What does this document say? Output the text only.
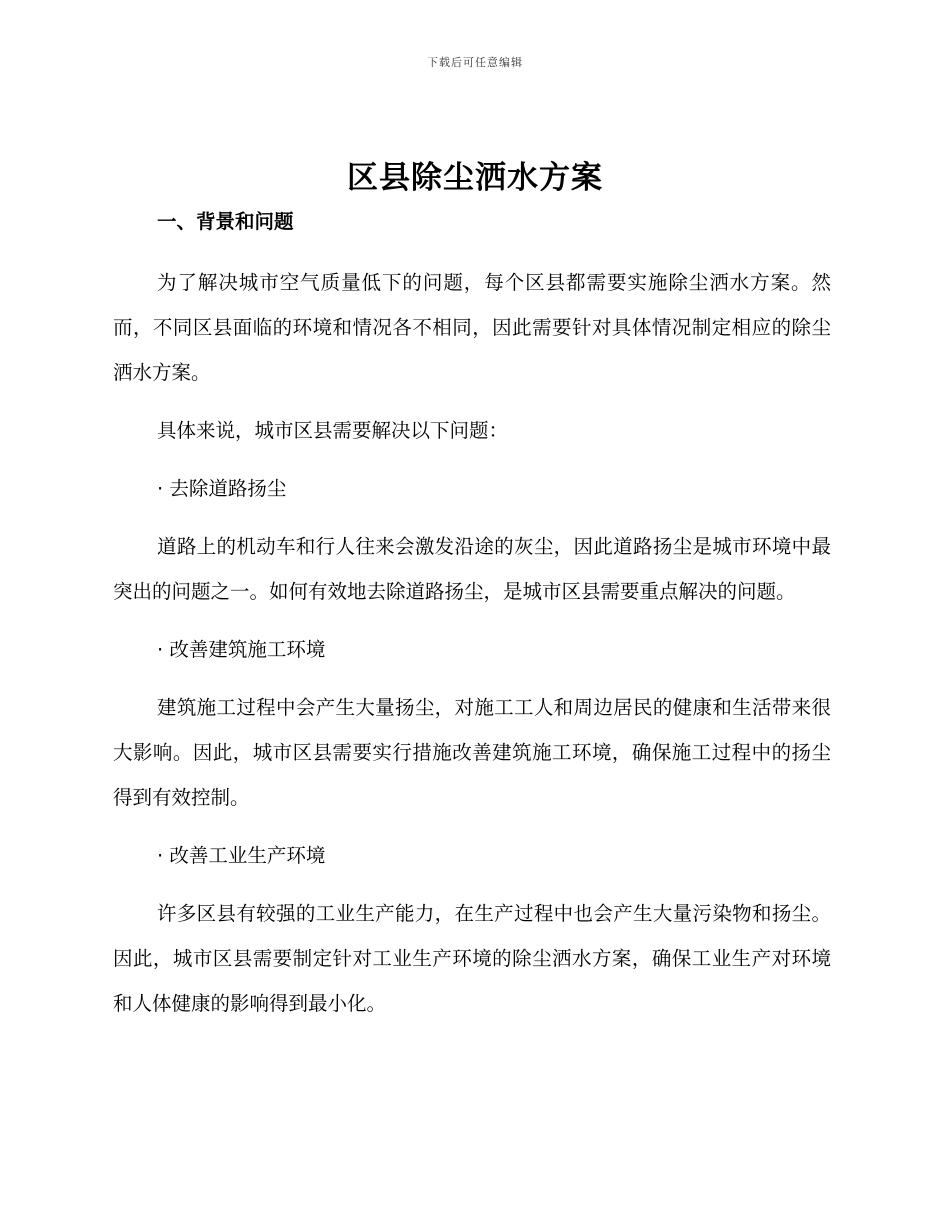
下载后可任意编辑
区县除尘洒水方案
一、背景和问题

为了解决城市空气质量低下的问题，每个区县都需要实施除尘洒水方案。然而，不同区县面临的环境和情况各不相同，因此需要针对具体情况制定相应的除尘洒水方案。

具体来说，城市区县需要解决以下问题：

· 去除道路扬尘

道路上的机动车和行人往来会激发沿途的灰尘，因此道路扬尘是城市环境中最突出的问题之一。如何有效地去除道路扬尘，是城市区县需要重点解决的问题。

· 改善建筑施工环境

建筑施工过程中会产生大量扬尘，对施工工人和周边居民的健康和生活带来很大影响。因此，城市区县需要实行措施改善建筑施工环境，确保施工过程中的扬尘得到有效控制。

· 改善工业生产环境

许多区县有较强的工业生产能力，在生产过程中也会产生大量污染物和扬尘。因此，城市区县需要制定针对工业生产环境的除尘洒水方案，确保工业生产对环境和人体健康的影响得到最小化。
